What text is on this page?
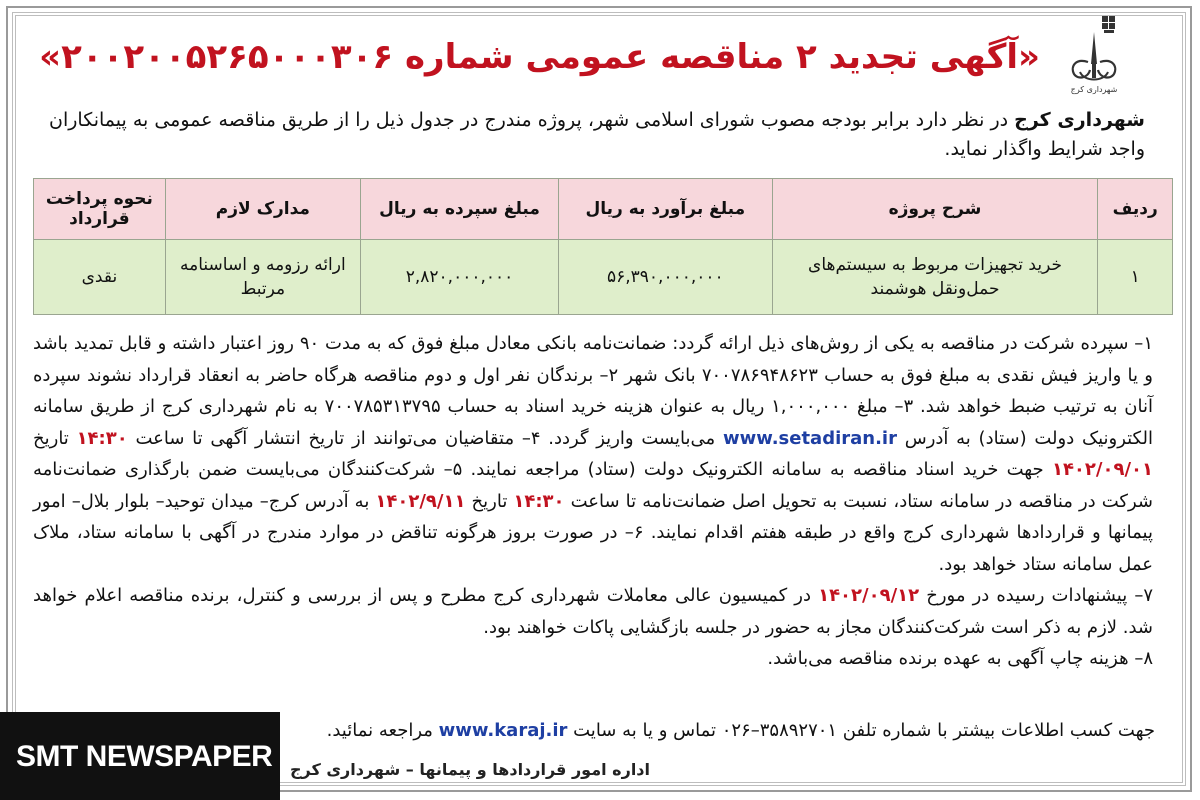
شهرداری کرج
«آگهی تجدید ۲ مناقصه عمومی شماره ۲۰۰۲۰۰۵۲۶۵۰۰۰۳۰۶»
شهرداری کرج در نظر دارد برابر بودجه مصوب شورای اسلامی شهر، پروژه مندرج در جدول ذیل را از طریق مناقصه عمومی به پیمانکاران واجد شرایط واگذار نماید.
ردیف	شرح پروژه	مبلغ برآورد به ریال	مبلغ سپرده به ریال	مدارک لازم	نحوه پرداخت قرارداد
۱	خرید تجهیزات مربوط به سیستم‌های حمل‌ونقل هوشمند	۵۶,۳۹۰,۰۰۰,۰۰۰	۲,۸۲۰,۰۰۰,۰۰۰	ارائه رزومه و اساسنامه مرتبط	نقدی

۱– سپرده شرکت در مناقصه به یکی از روش‌های ذیل ارائه گردد: ضمانت‌نامه بانکی معادل مبلغ فوق که به مدت ۹۰ روز اعتبار داشته و قابل تمدید باشد و یا واریز فیش نقدی به مبلغ فوق به حساب ۷۰۰۷۸۶۹۴۸۶۲۳ بانک شهر ۲– برندگان نفر اول و دوم مناقصه هرگاه حاضر به انعقاد قرارداد نشوند سپرده آنان به ترتیب ضبط خواهد شد. ۳– مبلغ ۱,۰۰۰,۰۰۰ ریال به عنوان هزینه خرید اسناد به حساب ۷۰۰۷۸۵۳۱۳۷۹۵ به نام شهرداری کرج از طریق سامانه الکترونیک دولت (ستاد) به آدرس www.setadiran.ir می‌بایست واریز گردد. ۴– متقاضیان می‌توانند از تاریخ انتشار آگهی تا ساعت ۱۴:۳۰ تاریخ ۱۴۰۲/۰۹/۰۱ جهت خرید اسناد مناقصه به سامانه الکترونیک دولت (ستاد) مراجعه نمایند. ۵– شرکت‌کنندگان می‌بایست ضمن بارگذاری ضمانت‌نامه شرکت در مناقصه در سامانه ستاد، نسبت به تحویل اصل ضمانت‌نامه تا ساعت ۱۴:۳۰ تاریخ ۱۴۰۲/۹/۱۱ به آدرس کرج– میدان توحید– بلوار بلال– امور پیمانها و قراردادها شهرداری کرج واقع در طبقه هفتم اقدام نمایند. ۶– در صورت بروز هرگونه تناقض در موارد مندرج در آگهی با سامانه ستاد، ملاک عمل سامانه ستاد خواهد بود.

۷– پیشنهادات رسیده در مورخ ۱۴۰۲/۰۹/۱۲ در کمیسیون عالی معاملات شهرداری کرج مطرح و پس از بررسی و کنترل، برنده مناقصه اعلام خواهد شد. لازم به ذکر است شرکت‌کنندگان مجاز به حضور در جلسه بازگشایی پاکات خواهند بود.

۸– هزینه چاپ آگهی به عهده برنده مناقصه می‌باشد.

جهت کسب اطلاعات بیشتر با شماره تلفن ۳۵۸۹۲۷۰۱–۰۲۶ تماس و یا به سایت www.karaj.ir مراجعه نمائید.
اداره امور قراردادها و پیمانها – شهرداری کرج
SMT NEWSPAPER
